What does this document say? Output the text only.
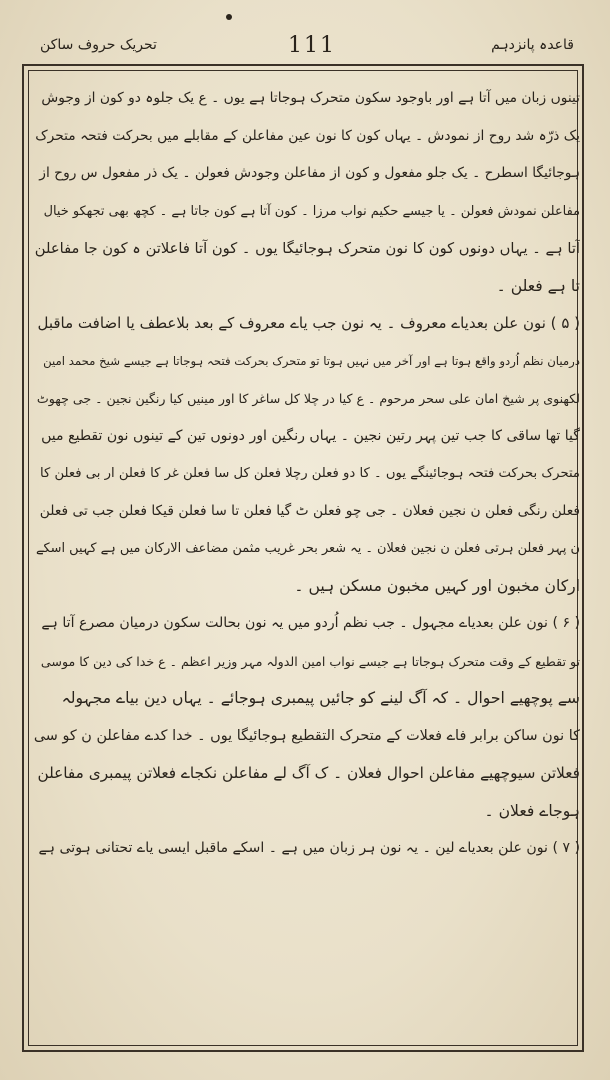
تحریک حروف ساکن	111	قاعدہ پانزدہم
تینوں زبان میں آتا ہے اور باوجود سکون متحرک ہوجاتا ہے یوں ۔ ع یک جلوہ دو کون از وجوش
یک ذرّہ شد روح از نمودش ۔ یہاں کون کا نون عین مفاعلن کے مقابلے میں بحرکت فتحہ متحرک
ہوجائیگا اسطرح ۔ یک جلو مفعول و کون از مفاعلن وجودش فعولن ۔ یک ذر مفعول س روح از
مفاعلن نمودش فعولن ۔ یا جیسے حکیم نواب مرزا ۔ کون آتا ہے کون جاتا ہے ۔ کچھ بھی تجھکو خیال
آتا ہے ۔ یہاں دونوں کون کا نون متحرک ہوجائیگا یوں ۔ کون آتا فاعلاتن ہ کون جا مفاعلن
تا ہے فعلن ۔
( ۵ ) نون علن بعدیاے معروف ۔ یہ نون جب یاے معروف کے بعد بلاعطف یا اضافت ماقبل
درمیان نظم اُردو واقع ہوتا ہے اور آخر میں نہیں ہوتا تو متحرک بحرکت فتحہ ہوجاتا ہے جیسے شیخ محمد امین
لکھنوی پر شیخ امان علی سحر مرحوم ۔ ع کیا در چلا کل ساغر کا اور مینیں کیا رنگین نجین ۔ جی چھوٹ
گیا تھا ساقی کا جب تین پہر رتین نجین ۔ یہاں رنگین اور دونوں تین کے تینوں نون تقطیع میں
متحرک بحرکت فتحہ ہوجائینگے یوں ۔ کا دو فعلن رچلا فعلن کل سا فعلن غر کا فعلن ار بی فعلن کا
فعلن رنگی فعلن ن نجین فعلان ۔ جی چو فعلن ٹ گیا فعلن تا سا فعلن قیکا فعلن جب تی فعلن
ن پہر فعلن ہرتی فعلن ن نجین فعلان ۔ یہ شعر بحر غریب مثمن مضاعف الارکان میں ہے کہیں اسکے
ارکان مخبون اور کہیں مخبون مسکن ہیں ۔
( ۶ ) نون علن بعدیاے مجہول ۔ جب نظم اُردو میں یہ نون بحالت سکون درمیان مصرع آتا ہے
تو تقطیع کے وقت متحرک ہوجاتا ہے جیسے نواب امین الدولہ مہر وزیر اعظم ۔ ع خدا کی دین کا موسی
سے پوچھیے احوال ۔ کہ آگ لینے کو جائیں پیمبری ہوجائے ۔ یہاں دین بیاے مجہولہ
کا نون ساکن برابر فاے فعلات کے متحرک التقطیع ہوجائیگا یوں ۔ خدا کدے مفاعلن ن کو سی
فعلاتن سیوچھیے مفاعلن احوال فعلان ۔ ک آگ لے مفاعلن نکجاے فعلاتن پیمبری مفاعلن
ہوجاے فعلان ۔
( ۷ ) نون علن بعدیاے لین ۔ یہ نون ہر زبان میں ہے ۔ اسکے ماقبل ایسی یاے تحتانی ہوتی ہے
